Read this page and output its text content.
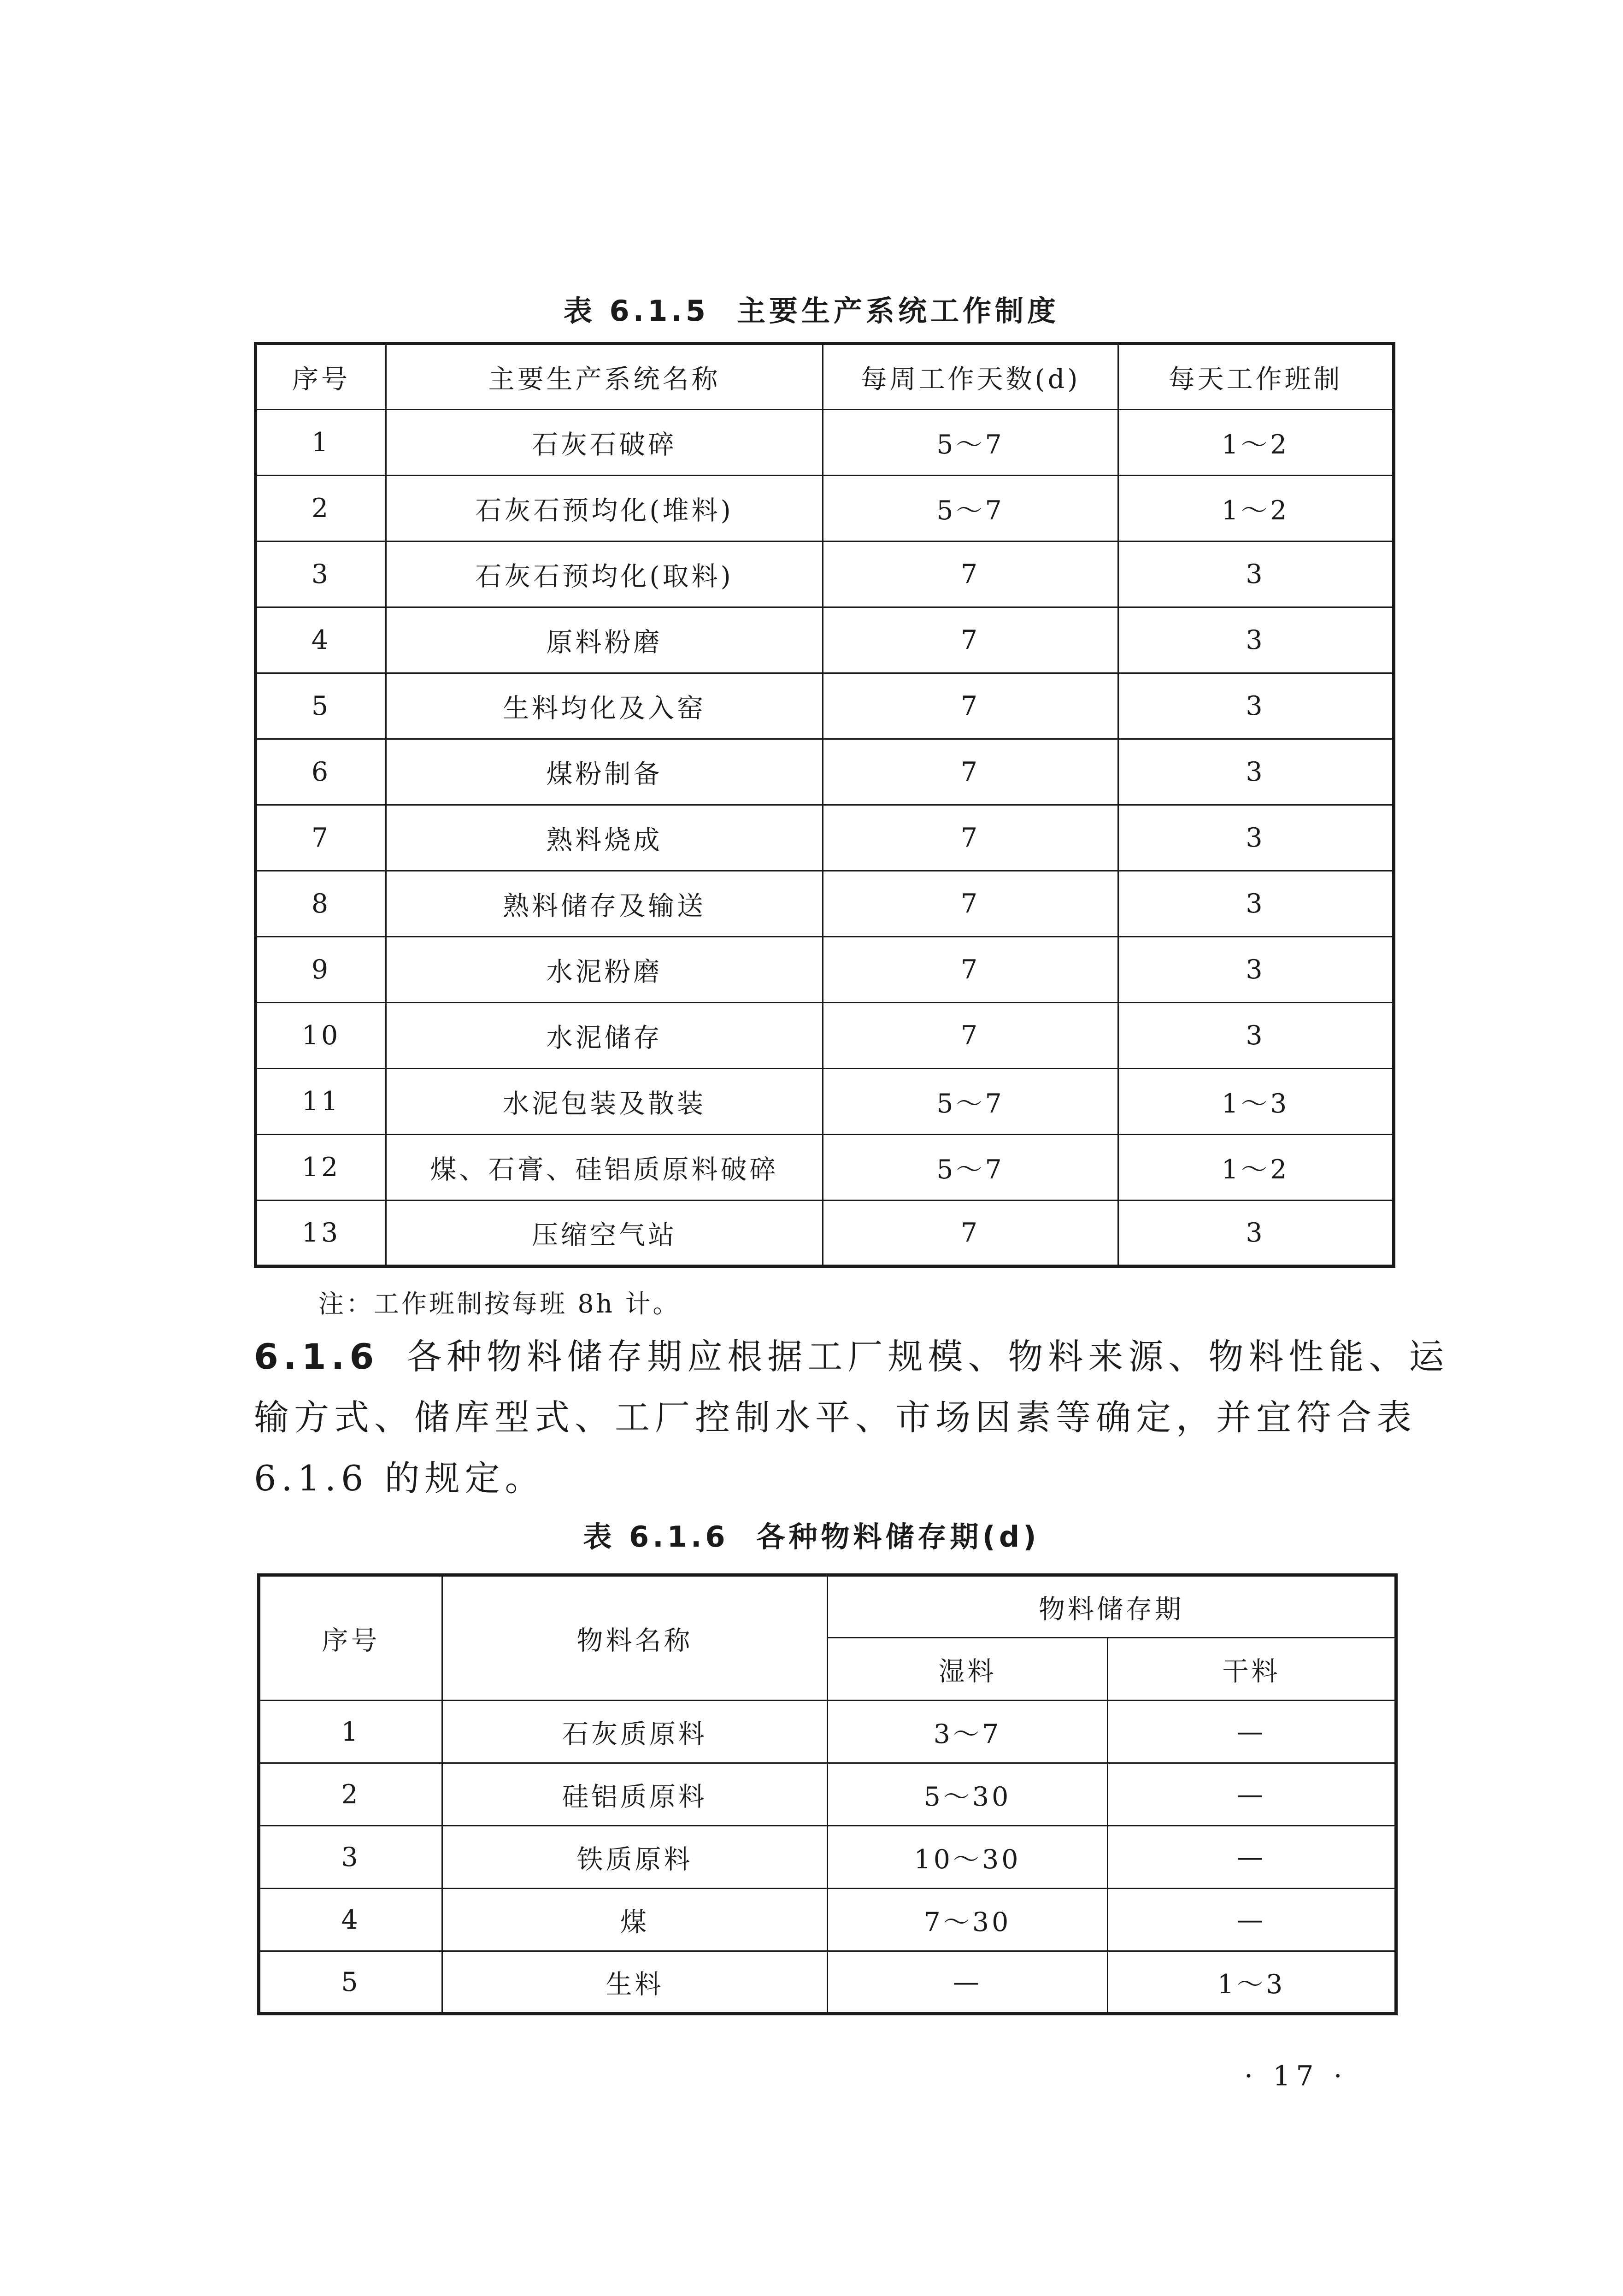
表 6.1.5 主要生产系统工作制度
序号	主要生产系统名称	每周工作天数(d)	每天工作班制
1	石灰石破碎	5～7	1～2
2	石灰石预均化(堆料)	5～7	1～2
3	石灰石预均化(取料)	7	3
4	原料粉磨	7	3
5	生料均化及入窑	7	3
6	煤粉制备	7	3
7	熟料烧成	7	3
8	熟料储存及输送	7	3
9	水泥粉磨	7	3
10	水泥储存	7	3
11	水泥包装及散装	5～7	1～3
12	煤、石膏、硅铝质原料破碎	5～7	1～2
13	压缩空气站	7	3
注：工作班制按每班 8h 计。
6.1.6 各种物料储存期应根据工厂规模、物料来源、物料性能、运
输方式、储库型式、工厂控制水平、市场因素等确定，并宜符合表
6.1.6 的规定。
表 6.1.6 各种物料储存期(d)
序号	物料名称	物料储存期	
		湿料	干料
1	石灰质原料	3～7	—
2	硅铝质原料	5～30	—
3	铁质原料	10～30	—
4	煤	7～30	—
5	生料	—	1～3
· 17 ·
